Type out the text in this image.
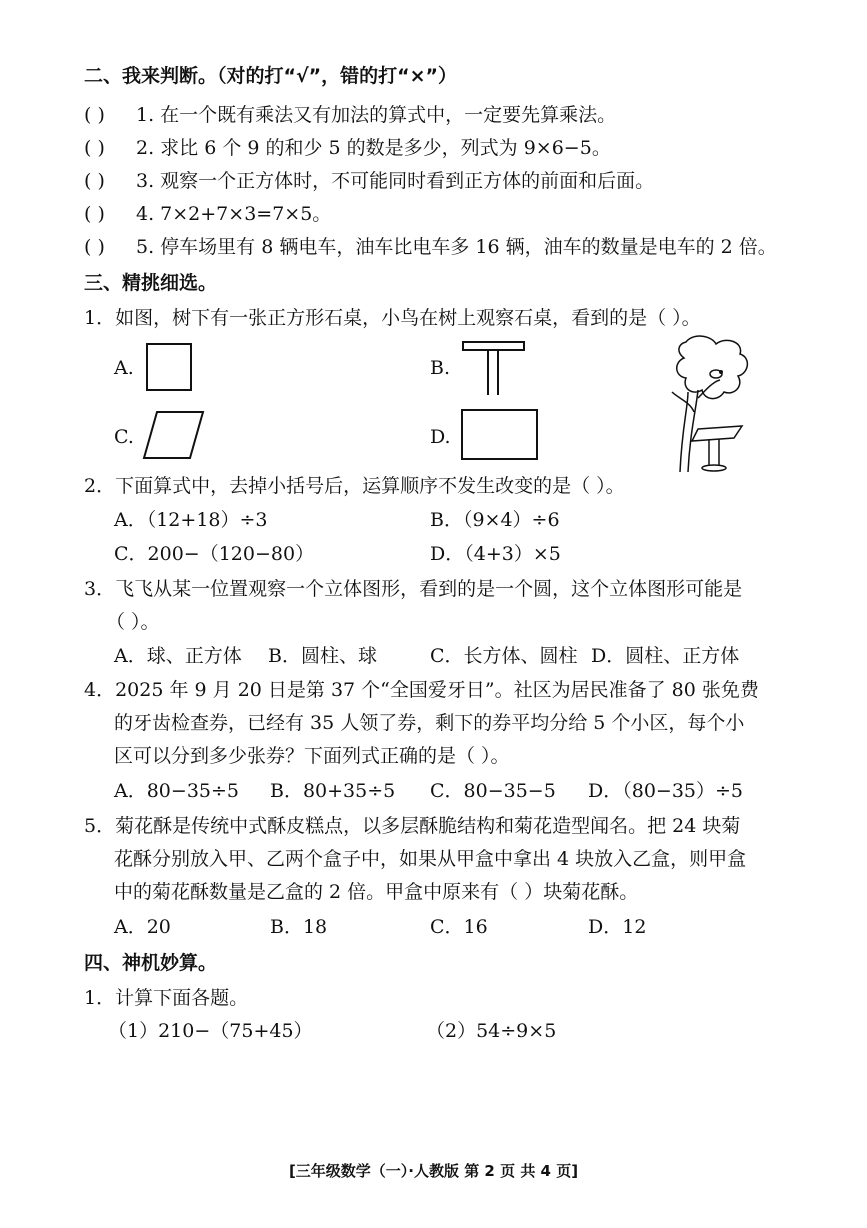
二、我来判断。（对的打“√”，错的打“×”）
( ) 1. 在一个既有乘法又有加法的算式中，一定要先算乘法。
( ) 2. 求比 6 个 9 的和少 5 的数是多少，列式为 9×6−5。
( ) 3. 观察一个正方体时，不可能同时看到正方体的前面和后面。
( ) 4. 7×2+7×3=7×5。
( ) 5. 停车场里有 8 辆电车，油车比电车多 16 辆，油车的数量是电车的 2 倍。
三、精挑细选。
1．如图，树下有一张正方形石桌，小鸟在树上观察石桌，看到的是（ ）。
A.	B.
C.	D.
2．下面算式中，去掉小括号后，运算顺序不发生改变的是（ ）。
A．（12+18）÷3	B．（9×4）÷6
C．200−（120−80）	D．（4+3）×5
3．飞飞从某一位置观察一个立体图形，看到的是一个圆，这个立体图形可能是
（ ）。
A．球、正方体 B．圆柱、球	C．长方体、圆柱 D．圆柱、正方体
4．2025 年 9 月 20 日是第 37 个“全国爱牙日”。社区为居民准备了 80 张免费
的牙齿检查券，已经有 35 人领了券，剩下的券平均分给 5 个小区，每个小
区可以分到多少张券？下面列式正确的是（ ）。
A．80−35÷5 B．80+35÷5 C．80−35−5 D．（80−35）÷5
5．菊花酥是传统中式酥皮糕点，以多层酥脆结构和菊花造型闻名。把 24 块菊
花酥分别放入甲、乙两个盒子中，如果从甲盒中拿出 4 块放入乙盒，则甲盒
中的菊花酥数量是乙盒的 2 倍。甲盒中原来有（ ）块菊花酥。
A．20	B．18	C．16	D．12
四、神机妙算。
1．计算下面各题。
（1）210−（75+45）	（2）54÷9×5
[三年级数学（一）·人教版 第 2 页 共 4 页]
